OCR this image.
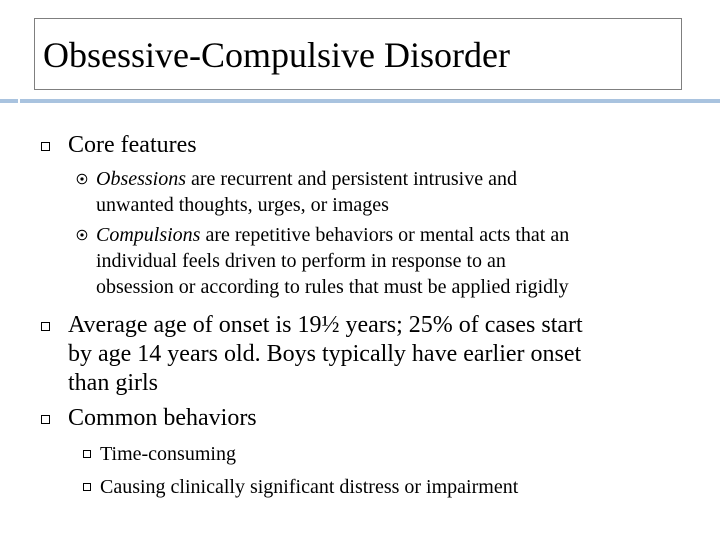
Obsessive-Compulsive Disorder
Core features
Obsessions are recurrent and persistent intrusive and
unwanted thoughts, urges, or images
Compulsions are repetitive behaviors or mental acts that an
individual feels driven to perform in response to an
obsession or according to rules that must be applied rigidly
Average age of onset is 19½ years; 25% of cases start
by age 14 years old. Boys typically have earlier onset
than girls
Common behaviors
Time-consuming
Causing clinically significant distress or impairment
